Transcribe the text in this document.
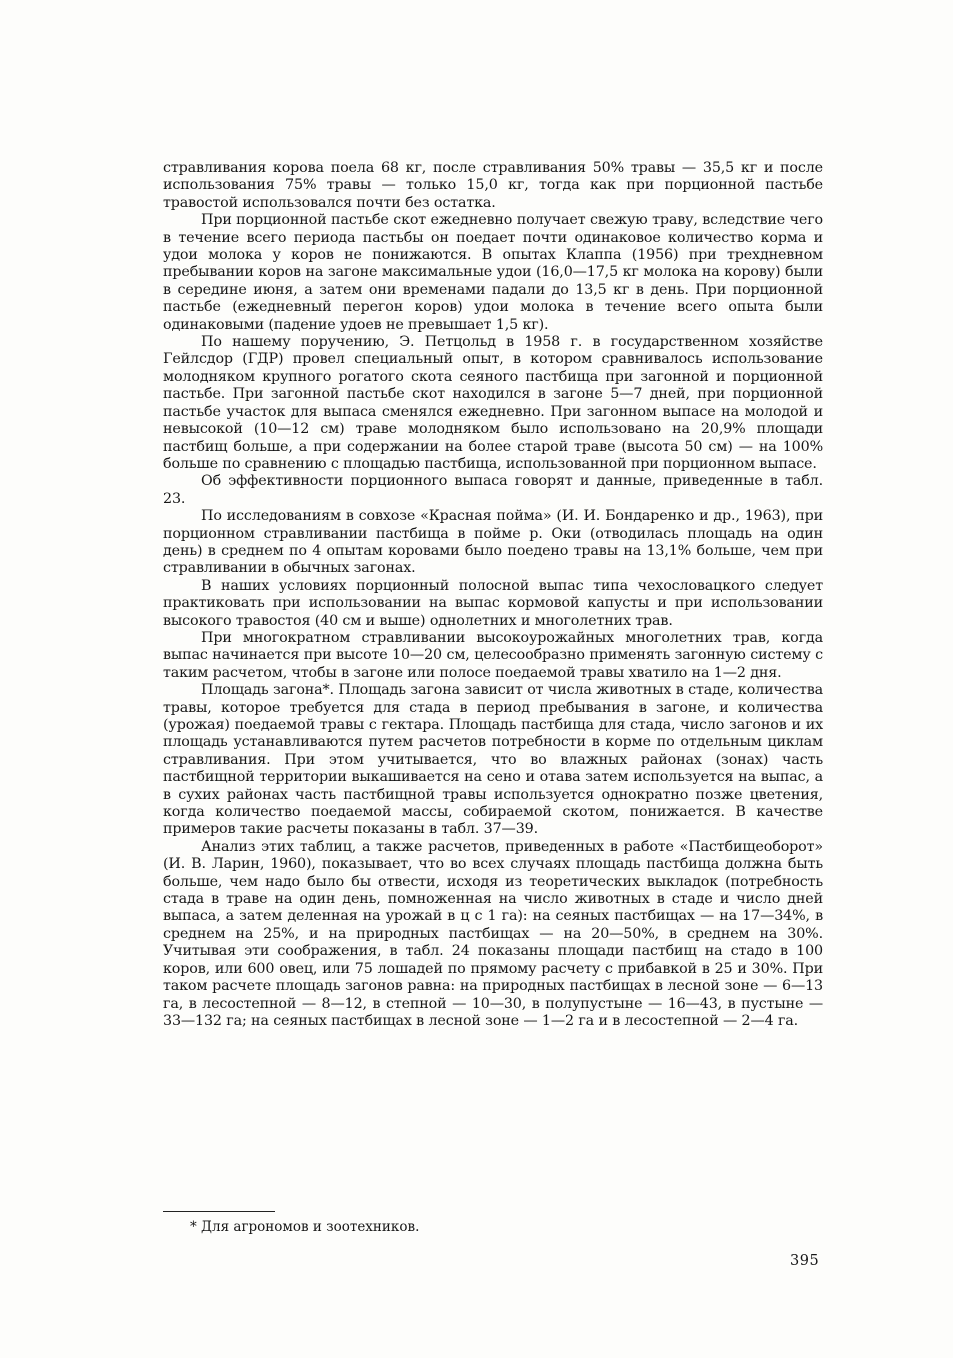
стравливания корова поела 68 кг, после стравливания 50% травы — 35,5 кг и после использования 75% травы — только 15,0 кг, тогда как при порционной пастьбе травостой использовался почти без остатка.

При порционной пастьбе скот ежедневно получает свежую траву, вследствие чего в течение всего периода пастьбы он поедает почти одинаковое количество корма и удои молока у коров не понижаются. В опытах Клаппа (1956) при трехдневном пребывании коров на загоне максимальные удои (16,0—17,5 кг молока на корову) были в середине июня, а затем они временами падали до 13,5 кг в день. При порционной пастьбе (ежедневный перегон коров) удои молока в течение всего опыта были одинаковыми (падение удоев не превышает 1,5 кг).

По нашему поручению, Э. Петцольд в 1958 г. в государственном хозяйстве Гейлсдор (ГДР) провел специальный опыт, в котором сравнивалось использование молодняком крупного рогатого скота сеяного пастбища при загонной и порционной пастьбе. При загонной пастьбе скот находился в загоне 5—7 дней, при порционной пастьбе участок для выпаса сменялся ежедневно. При загонном выпасе на молодой и невысокой (10—12 см) траве молодняком было использовано на 20,9% площади пастбищ больше, а при содержании на более старой траве (высота 50 см) — на 100% больше по сравнению с площадью пастбища, использованной при порционном выпасе.

Об эффективности порционного выпаса говорят и данные, приведенные в табл. 23.

По исследованиям в совхозе «Красная пойма» (И. И. Бондаренко и др., 1963), при порционном стравливании пастбища в пойме р. Оки (отводилась площадь на один день) в среднем по 4 опытам коровами было поедено травы на 13,1% больше, чем при стравливании в обычных загонах.

В наших условиях порционный полосной выпас типа чехословацкого следует практиковать при использовании на выпас кормовой капусты и при использовании высокого травостоя (40 см и выше) однолетних и многолетних трав.

При многократном стравливании высокоурожайных многолетних трав, когда выпас начинается при высоте 10—20 см, целесообразно применять загонную систему с таким расчетом, чтобы в загоне или полосе поедаемой травы хватило на 1—2 дня.

Площадь загона*. Площадь загона зависит от числа животных в стаде, количества травы, которое требуется для стада в период пребывания в загоне, и количества (урожая) поедаемой травы с гектара. Площадь пастбища для стада, число загонов и их площадь устанавливаются путем расчетов потребности в корме по отдельным циклам стравливания. При этом учитывается, что во влажных районах (зонах) часть пастбищной территории выкашивается на сено и отава затем используется на выпас, а в сухих районах часть пастбищной травы используется однократно позже цветения, когда количество поедаемой массы, собираемой скотом, понижается. В качестве примеров такие расчеты показаны в табл. 37—39.

Анализ этих таблиц, а также расчетов, приведенных в работе «Пастбищеоборот» (И. В. Ларин, 1960), показывает, что во всех случаях площадь пастбища должна быть больше, чем надо было бы отвести, исходя из теоретических выкладок (потребность стада в траве на один день, помноженная на число животных в стаде и число дней выпаса, а затем деленная на урожай в ц с 1 га): на сеяных пастбищах — на 17—34%, в среднем на 25%, и на природных пастбищах — на 20—50%, в среднем на 30%. Учитывая эти соображения, в табл. 24 показаны площади пастбищ на стадо в 100 коров, или 600 овец, или 75 лошадей по прямому расчету с прибавкой в 25 и 30%. При таком расчете площадь загонов равна: на природных пастбищах в лесной зоне — 6—13 га, в лесостепной — 8—12, в степной — 10—30, в полупустыне — 16—43, в пустыне — 33—132 га; на сеяных пастбищах в лесной зоне — 1—2 га и в лесостепной — 2—4 га.

* Для агрономов и зоотехников.
395
